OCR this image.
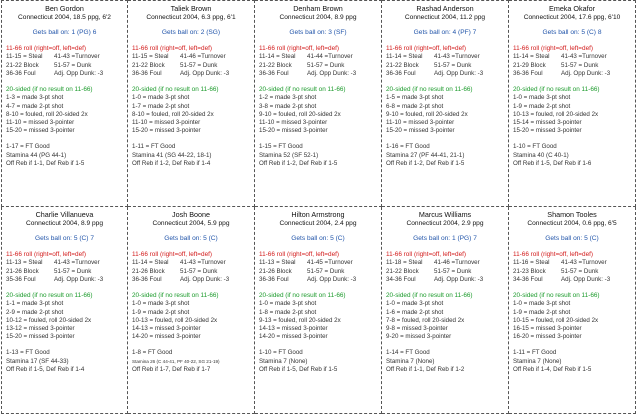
Ben Gordon
Connecticut 2004, 18.5 ppg, 6'2
Gets ball on: 1 (PG) 6
11-66 roll (right=off, left=def)
11-15 = Steal 41-43 =Turnover
21-22 Block 51-57 = Dunk
36-36 Foul	Adj. Opp Dunk: -3
20-sided (if no result on 11-66)
1-3 = made 3-pt shot
4-7 = made 2-pt shot
8-10 = fouled, roll 20-sided 2x
11-10 = missed 3-pointer
15-20 = missed 3-pointer
1-17 = FT Good
Stamina 44 (PG 44-1)
Off Reb if 1-1, Def Reb if 1-5
Taliek Brown
Connecticut 2004, 6.3 ppg, 6'1
Gets ball on: 2 (SG)
11-66 roll (right=off, left=def)
11-15 = Steal 41-46 =Turnover
21-22 Block 51-57 = Dunk
36-36 Foul	Adj. Opp Dunk: -3
20-sided (if no result on 11-66)
1-0 = made 3-pt shot
1-7 = made 2-pt shot
8-10 = fouled, roll 20-sided 2x
11-10 = missed 3-pointer
15-20 = missed 3-pointer
1-11 = FT Good
Stamina 41 (SG 44-22, 18-1)
Off Reb if 1-2, Def Reb if 1-4
Denham Brown
Connecticut 2004, 8.9 ppg
Gets ball on: 3 (SF)
11-66 roll (right=off, left=def)
11-14 = Steal 41-44 =Turnover
21-22 Block 51-57 = Dunk
36-36 Foul	Adj. Opp Dunk: -3
20-sided (if no result on 11-66)
1-2 = made 3-pt shot
3-8 = made 2-pt shot
9-10 = fouled, roll 20-sided 2x
11-10 = missed 3-pointer
15-20 = missed 3-pointer
1-15 = FT Good
Stamina 52 (SF 52-1)
Off Reb if 1-2, Def Reb if 1-5
Rashad Anderson
Connecticut 2004, 11.2 ppg
Gets ball on: 4 (PF) 7
11-66 roll (right=off, left=def)
11-14 = Steal 41-43 =Turnover
21-22 Block 51-57 = Dunk
36-36 Foul	Adj. Opp Dunk: -3
20-sided (if no result on 11-66)
1-5 = made 3-pt shot
6-8 = made 2-pt shot
9-10 = fouled, roll 20-sided 2x
11-10 = missed 3-pointer
15-20 = missed 3-pointer
1-16 = FT Good
Stamina 27 (PF 44-41, 21-1)
Off Reb if 1-2, Def Reb if 1-5
Emeka Okafor
Connecticut 2004, 17.6 ppg, 6'10
Gets ball on: 5 (C) 8
11-66 roll (right=off, left=def)
11-14 = Steal 41-43 =Turnover
21-29 Block 51-57 = Dunk
36-36 Foul	Adj. Opp Dunk: -3
20-sided (if no result on 11-66)
1-0 = made 3-pt shot
1-9 = made 2-pt shot
10-13 = fouled, roll 20-sided 2x
15-14 = missed 3-pointer
15-20 = missed 3-pointer
1-10 = FT Good
Stamina 40 (C 40-1)
Off Reb if 1-5, Def Reb if 1-6
Charlie Villanueva
Connecticut 2004, 8.9 ppg
Gets ball on: 5 (C) 7
11-66 roll (right=off, left=def)
11-13 = Steal 41-43 =Turnover
21-26 Block 51-57 = Dunk
35-36 Foul	Adj. Opp Dunk: -3
20-sided (if no result on 11-66)
1-1 = made 3-pt shot
2-9 = made 2-pt shot
10-12 = fouled, roll 20-sided 2x
13-12 = missed 3-pointer
15-20 = missed 3-pointer
1-13 = FT Good
Stamina 17 (SF 44-33)
Off Reb if 1-5, Def Reb if 1-4
Josh Boone
Connecticut 2004, 5.9 ppg
Gets ball on: 5 (C)
11-66 roll (right=off, left=def)
11-14 = Steal 41-43 =Turnover
21-26 Block 51-57 = Dunk
36-36 Foul	Adj. Opp Dunk: -3
20-sided (if no result on 11-66)
1-0 = made 3-pt shot
1-9 = made 2-pt shot
10-13 = fouled, roll 20-sided 2x
14-13 = missed 3-pointer
14-20 = missed 3-pointer
1-8 = FT Good
Stamina 26 (C 44-41, PF 40-22, SG 21-19)
Off Reb if 1-7, Def Reb if 1-7
Hilton Armstrong
Connecticut 2004, 2.4 ppg
Gets ball on: 5 (C)
11-66 roll (right=off, left=def)
11-13 = Steal 41-45 =Turnover
21-26 Block 51-57 = Dunk
36-36 Foul	Adj. Opp Dunk: -3
20-sided (if no result on 11-66)
1-0 = made 3-pt shot
1-8 = made 2-pt shot
9-13 = fouled, roll 20-sided 2x
14-13 = missed 3-pointer
14-20 = missed 3-pointer
1-10 = FT Good
Stamina 7 (None)
Off Reb if 1-5, Def Reb if 1-5
Marcus Williams
Connecticut 2004, 2.9 ppg
Gets ball on: 1 (PG) 7
11-66 roll (right=off, left=def)
11-18 = Steal 41-46 =Turnover
21-22 Block 51-57 = Dunk
34-36 Foul	Adj. Opp Dunk: -3
20-sided (if no result on 11-66)
1-0 = made 3-pt shot
1-6 = made 2-pt shot
7-8 = fouled, roll 20-sided 2x
9-8 = missed 3-pointer
9-20 = missed 3-pointer
1-14 = FT Good
Stamina 7 (None)
Off Reb if 1-1, Def Reb if 1-2
Shamon Tooles
Connecticut 2004, 0.6 ppg, 6'5
Gets ball on: 5 (C)
11-66 roll (right=off, left=def)
11-16 = Steal 41-43 =Turnover
21-23 Block 51-57 = Dunk
34-36 Foul	Adj. Opp Dunk: -3
20-sided (if no result on 11-66)
1-0 = made 3-pt shot
1-9 = made 2-pt shot
10-15 = fouled, roll 20-sided 2x
16-15 = missed 3-pointer
16-20 = missed 3-pointer
1-11 = FT Good
Stamina 7 (None)
Off Reb if 1-4, Def Reb if 1-5
